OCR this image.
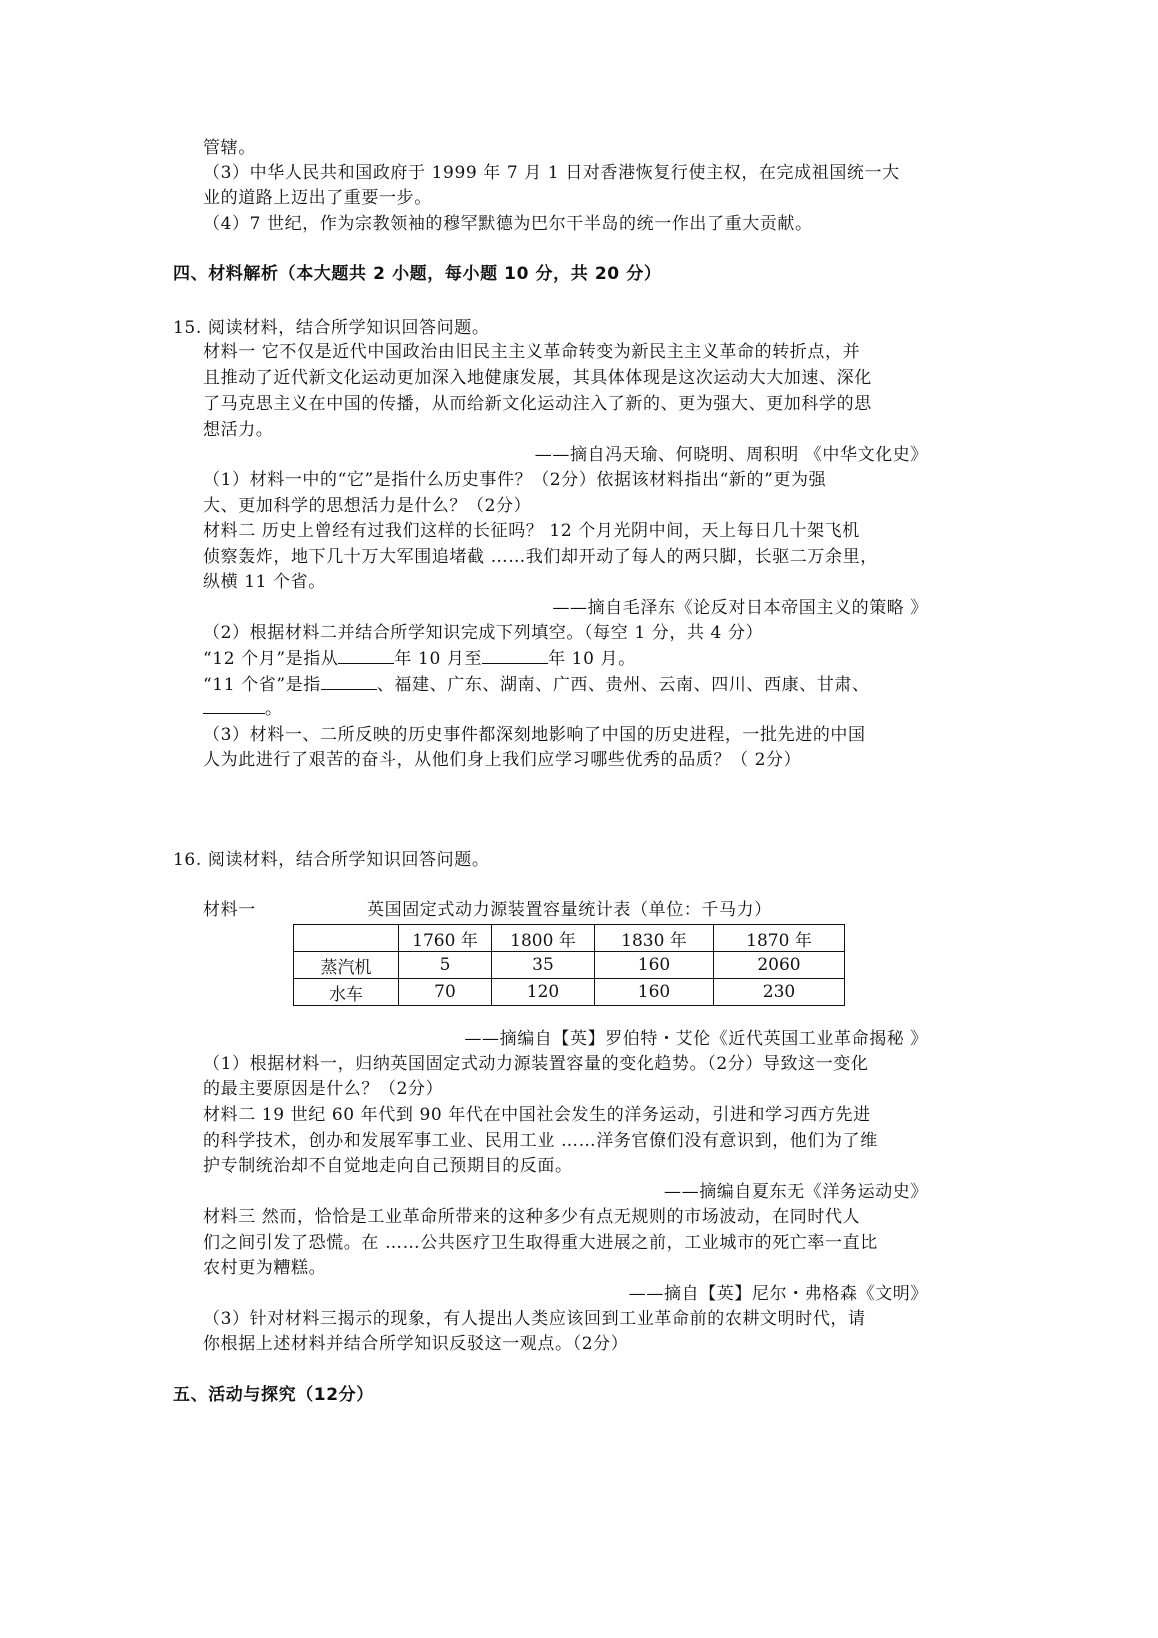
管辖。
（3）中华人民共和国政府于 1999 年 7 月 1 日对香港恢复行使主权，在完成祖国统一大
业的道路上迈出了重要一步。
（4）7 世纪，作为宗教领袖的穆罕默德为巴尔干半岛的统一作出了重大贡献。
四、材料解析（本大题共 2 小题，每小题 10 分，共 20 分）
15. 阅读材料，结合所学知识回答问题。
材料一 它不仅是近代中国政治由旧民主主义革命转变为新民主主义革命的转折点，并
且推动了近代新文化运动更加深入地健康发展，其具体体现是这次运动大大加速、深化
了马克思主义在中国的传播，从而给新文化运动注入了新的、更为强大、更加科学的思
想活力。
——摘自冯天瑜、何晓明、周积明 《中华文化史》
（1）材料一中的“它”是指什么历史事件？（2分）依据该材料指出“新的”更为强
大、更加科学的思想活力是什么？（2分）
材料二 历史上曾经有过我们这样的长征吗？ 12 个月光阴中间，天上每日几十架飞机
侦察轰炸，地下几十万大军围追堵截 ……我们却开动了每人的两只脚，长驱二万余里，
纵横 11 个省。
——摘自毛泽东《论反对日本帝国主义的策略 》
（2）根据材料二并结合所学知识完成下列填空。（每空 1 分，共 4 分）
“12 个月”是指从	年 10 月至	年 10 月。
“11 个省”是指	、福建、广东、湖南、广西、贵州、云南、四川、西康、甘肃、
。
（3）材料一、二所反映的历史事件都深刻地影响了中国的历史进程，一批先进的中国
人为此进行了艰苦的奋斗，从他们身上我们应学习哪些优秀的品质？（ 2分）
16. 阅读材料，结合所学知识回答问题。
材料一	英国固定式动力源装置容量统计表（单位：千马力）
	1760 年	1800 年	1830 年	1870 年
蒸汽机	5	35	160	2060
水车	70	120	160	230
——摘编自【英】罗伯特・艾伦《近代英国工业革命揭秘 》
（1）根据材料一，归纳英国固定式动力源装置容量的变化趋势。（2分）导致这一变化
的最主要原因是什么？（2分）
材料二 19 世纪 60 年代到 90 年代在中国社会发生的洋务运动，引进和学习西方先进
的科学技术，创办和发展军事工业、民用工业 ……洋务官僚们没有意识到，他们为了维
护专制统治却不自觉地走向自己预期目的反面。
——摘编自夏东无《洋务运动史》
材料三 然而，恰恰是工业革命所带来的这种多少有点无规则的市场波动，在同时代人
们之间引发了恐慌。在 ……公共医疗卫生取得重大进展之前，工业城市的死亡率一直比
农村更为糟糕。
——摘自【英】尼尔・弗格森《文明》
（3）针对材料三揭示的现象，有人提出人类应该回到工业革命前的农耕文明时代，请
你根据上述材料并结合所学知识反驳这一观点。（2分）
五、活动与探究（12分）
